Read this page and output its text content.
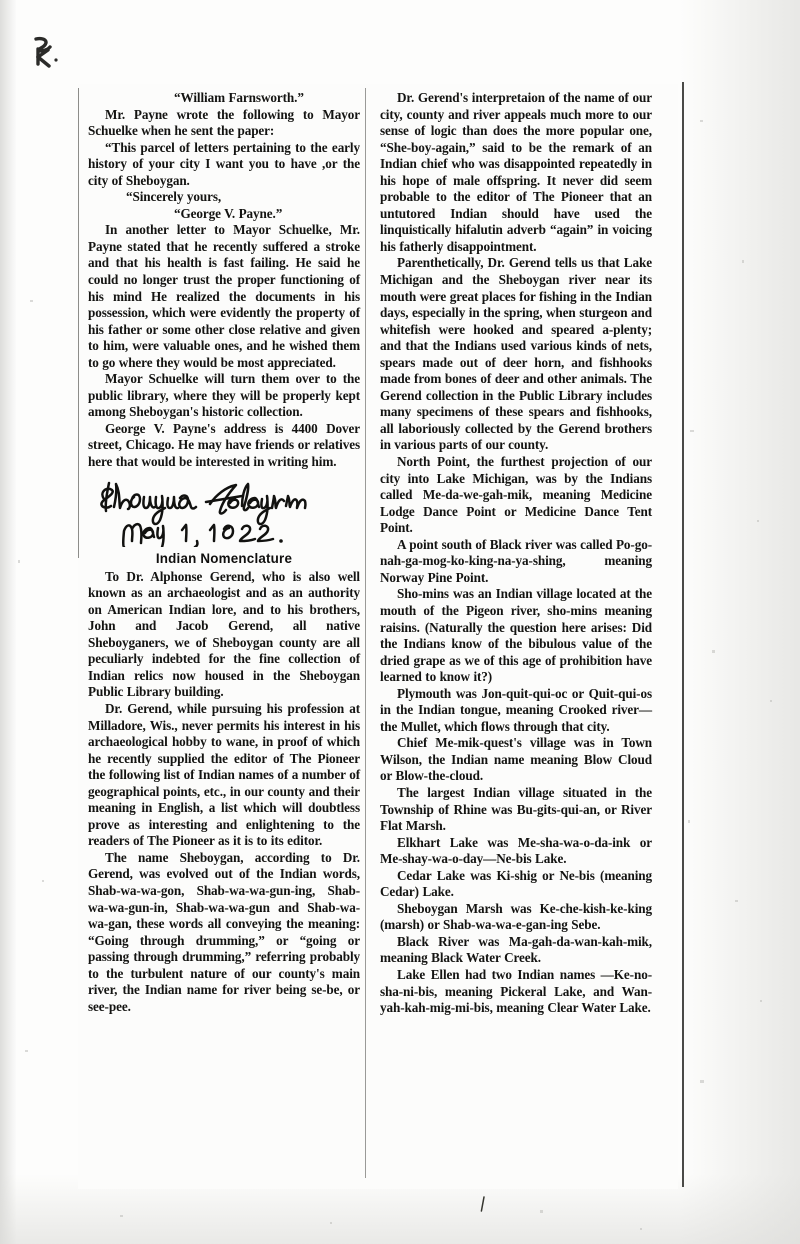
“William Farnsworth.”

Mr. Payne wrote the following to Mayor Schuelke when he sent the paper:

“This parcel of letters pertaining to the early history of your city I want you to have ,or the city of Sheboygan.

“Sincerely yours,

“George V. Payne.”

In another letter to Mayor Schuelke, Mr. Payne stated that he recently suffered a stroke and that his health is fast failing. He said he could no longer trust the proper functioning of his mind He realized the documents in his possession, which were evidently the property of his father or some other close relative and given to him, were valuable ones, and he wished them to go where they would be most appreciated.

Mayor Schuelke will turn them over to the public library, where they will be properly kept among Sheboygan's historic collection.

George V. Payne's address is 4400 Dover street, Chicago. He may have friends or relatives here that would be interested in writing him.

Indian Nomenclature

To Dr. Alphonse Gerend, who is also well known as an archaeologist and as an authority on American Indian lore, and to his brothers, John and Jacob Gerend, all native Sheboyganers, we of Sheboygan county are all peculiarly indebted for the fine collection of Indian relics now housed in the Sheboygan Public Library building.

Dr. Gerend, while pursuing his profession at Milladore, Wis., never permits his interest in his archaeological hobby to wane, in proof of which he recently supplied the editor of The Pioneer the following list of Indian names of a number of geographical points, etc., in our county and their meaning in English, a list which will doubtless prove as interesting and enlightening to the readers of The Pioneer as it is to its editor.

The name Sheboygan, according to Dr. Gerend, was evolved out of the Indian words, Shab-wa-wa-gon, Shab-wa-wa-gun-ing, Shab-wa-wa-gun-in, Shab-wa-wa-gun and Shab-wa-wa-gan, these words all conveying the meaning: “Going through drumming,” or “going or passing through drumming,” referring probably to the turbulent nature of our county's main river, the Indian name for river being se-be, or see-pee.

Dr. Gerend's interpretaion of the name of our city, county and river appeals much more to our sense of logic than does the more popular one, “She-boy-again,” said to be the remark of an Indian chief who was disappointed repeatedly in his hope of male offspring. It never did seem probable to the editor of The Pioneer that an untutored Indian should have used the linquistically hifalutin adverb “again” in voicing his fatherly disappointment.

Parenthetically, Dr. Gerend tells us that Lake Michigan and the Sheboygan river near its mouth were great places for fishing in the Indian days, especially in the spring, when sturgeon and whitefish were hooked and speared a-plenty; and that the Indians used various kinds of nets, spears made out of deer horn, and fishhooks made from bones of deer and other animals. The Gerend collection in the Public Library includes many specimens of these spears and fishhooks, all laboriously collected by the Gerend brothers in various parts of our county.

North Point, the furthest projection of our city into Lake Michigan, was by the Indians called Me-da-we-gah-mik, meaning Medicine Lodge Dance Point or Medicine Dance Tent Point.

A point south of Black river was called Po-go-nah-ga-mog-ko-king-na-ya-shing, meaning Norway Pine Point.

Sho-mins was an Indian village located at the mouth of the Pigeon river, sho-mins meaning raisins. (Naturally the question here arises: Did the Indians know of the bibulous value of the dried grape as we of this age of prohibition have learned to know it?)

Plymouth was Jon-quit-qui-oc or Quit-qui-os in the Indian tongue, meaning Crooked river—the Mullet, which flows through that city.

Chief Me-mik-quest's village was in Town Wilson, the Indian name meaning Blow Cloud or Blow-the-cloud.

The largest Indian village situated in the Township of Rhine was Bu-gits-qui-an, or River Flat Marsh.

Elkhart Lake was Me-sha-wa-o-da-ink or Me-shay-wa-o-day—Ne-bis Lake.

Cedar Lake was Ki-shig or Ne-bis (meaning Cedar) Lake.

Sheboygan Marsh was Ke-che-kish-ke-king (marsh) or Shab-wa-wa-e-gan-ing Sebe.

Black River was Ma-gah-da-wan-kah-mik, meaning Black Water Creek.

Lake Ellen had two Indian names —Ke-no-sha-ni-bis, meaning Pickeral Lake, and Wan-yah-kah-mig-mi-bis, meaning Clear Water Lake.
